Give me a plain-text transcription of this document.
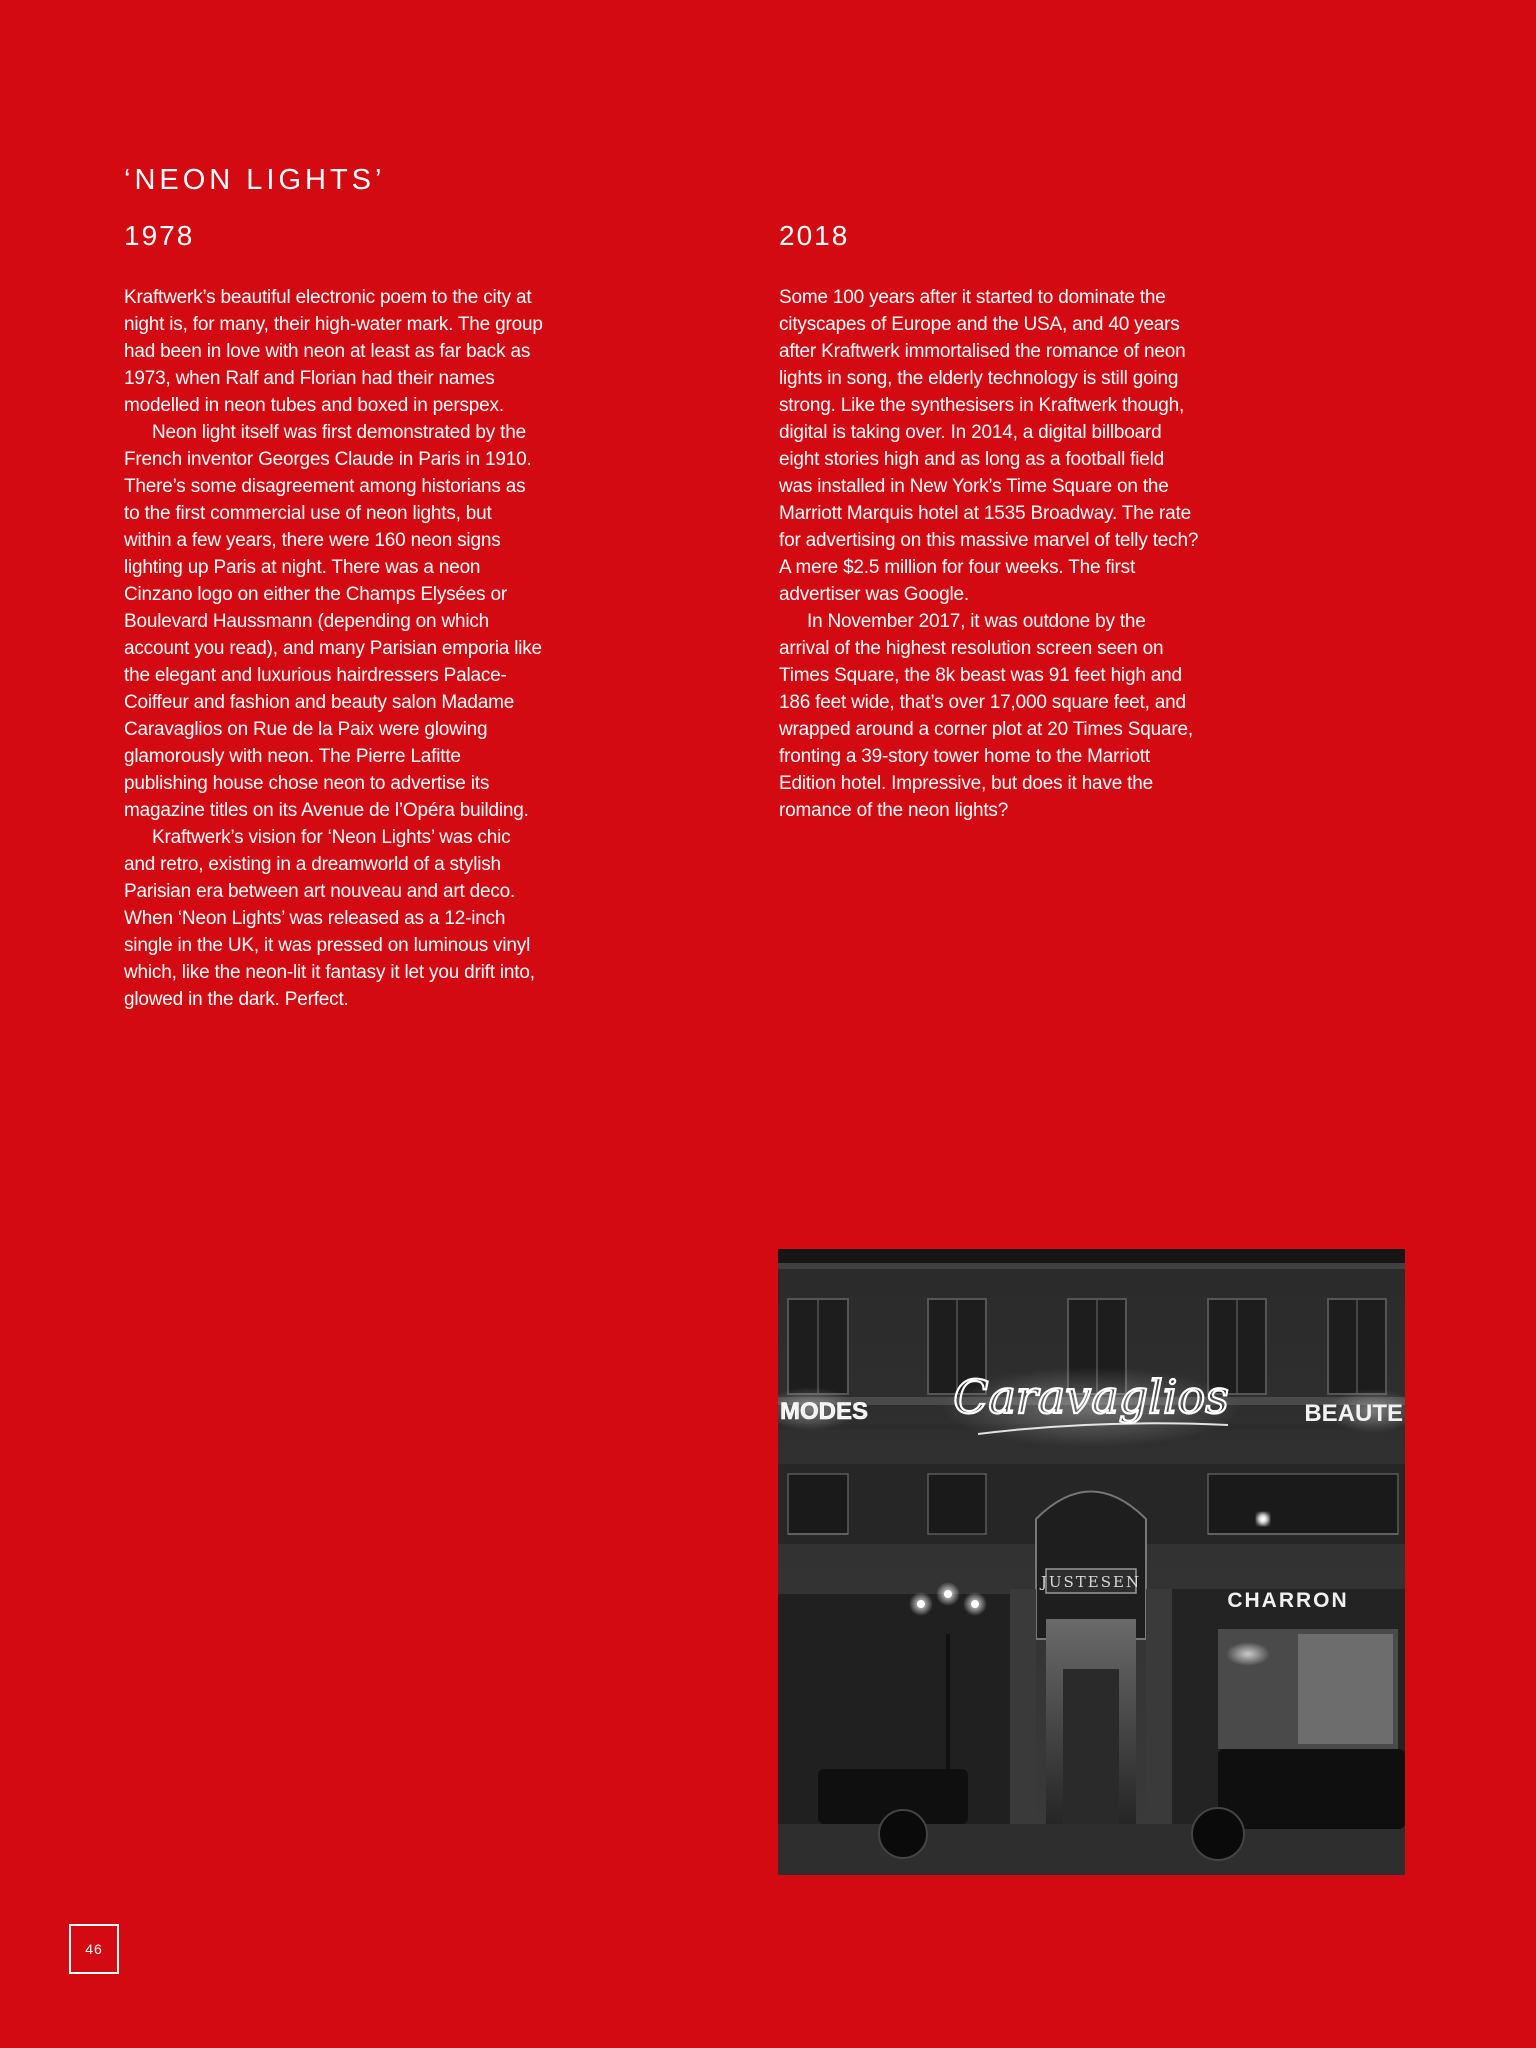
‘NEON LIGHTS’
1978

Kraftwerk’s beautiful electronic poem to the city at night is, for many, their high-water mark. The group had been in love with neon at least as far back as 1973, when Ralf and Florian had their names modelled in neon tubes and boxed in perspex.

Neon light itself was first demonstrated by the French inventor Georges Claude in Paris in 1910. There’s some disagreement among historians as to the first commercial use of neon lights, but within a few years, there were 160 neon signs lighting up Paris at night. There was a neon Cinzano logo on either the Champs Elysées or Boulevard Haussmann (depending on which account you read), and many Parisian emporia like the elegant and luxurious hairdressers Palace-Coiffeur and fashion and beauty salon Madame Caravaglios on Rue de la Paix were glowing glamorously with neon. The Pierre Lafitte publishing house chose neon to advertise its magazine titles on its Avenue de l’Opéra building.

Kraftwerk’s vision for ‘Neon Lights’ was chic and retro, existing in a dreamworld of a stylish Parisian era between art nouveau and art deco. When ‘Neon Lights’ was released as a 12-inch single in the UK, it was pressed on luminous vinyl which, like the neon-lit it fantasy it let you drift into, glowed in the dark. Perfect.

2018

Some 100 years after it started to dominate the cityscapes of Europe and the USA, and 40 years after Kraftwerk immortalised the romance of neon lights in song, the elderly technology is still going strong. Like the synthesisers in Kraftwerk though, digital is taking over. In 2014, a digital billboard eight stories high and as long as a football field was installed in New York’s Time Square on the Marriott Marquis hotel at 1535 Broadway. The rate for advertising on this massive marvel of telly tech? A mere $2.5 million for four weeks. The first advertiser was Google.

In November 2017, it was outdone by the arrival of the highest resolution screen seen on Times Square, the 8k beast was 91 feet high and 186 feet wide, that’s over 17,000 square feet, and wrapped around a corner plot at 20 Times Square, fronting a 39-story tower home to the Marriott Edition hotel. Impressive, but does it have the romance of the neon lights?

MODES Caravaglios	BEAUTE
JUSTESEN
CHARRON
46
